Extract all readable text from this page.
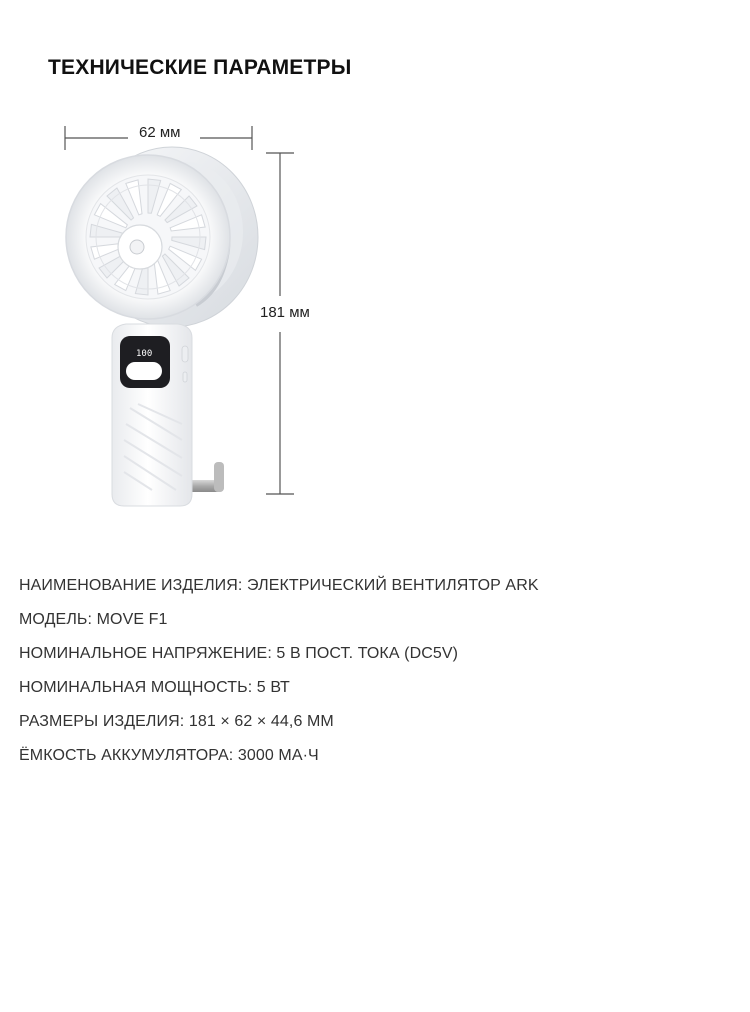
ТЕХНИЧЕСКИЕ ПАРАМЕТРЫ
100
62 мм
181 мм
НАИМЕНОВАНИЕ ИЗДЕЛИЯ: ЭЛЕКТРИЧЕСКИЙ ВЕНТИЛЯТОР ARK
МОДЕЛЬ: MOVE F1
НОМИНАЛЬНОЕ НАПРЯЖЕНИЕ: 5 В ПОСТ. ТОКА (DC5V)
НОМИНАЛЬНАЯ МОЩНОСТЬ: 5 ВТ
РАЗМЕРЫ ИЗДЕЛИЯ: 181 × 62 × 44,6 ММ
ЁМКОСТЬ АККУМУЛЯТОРА: 3000 МА·Ч
